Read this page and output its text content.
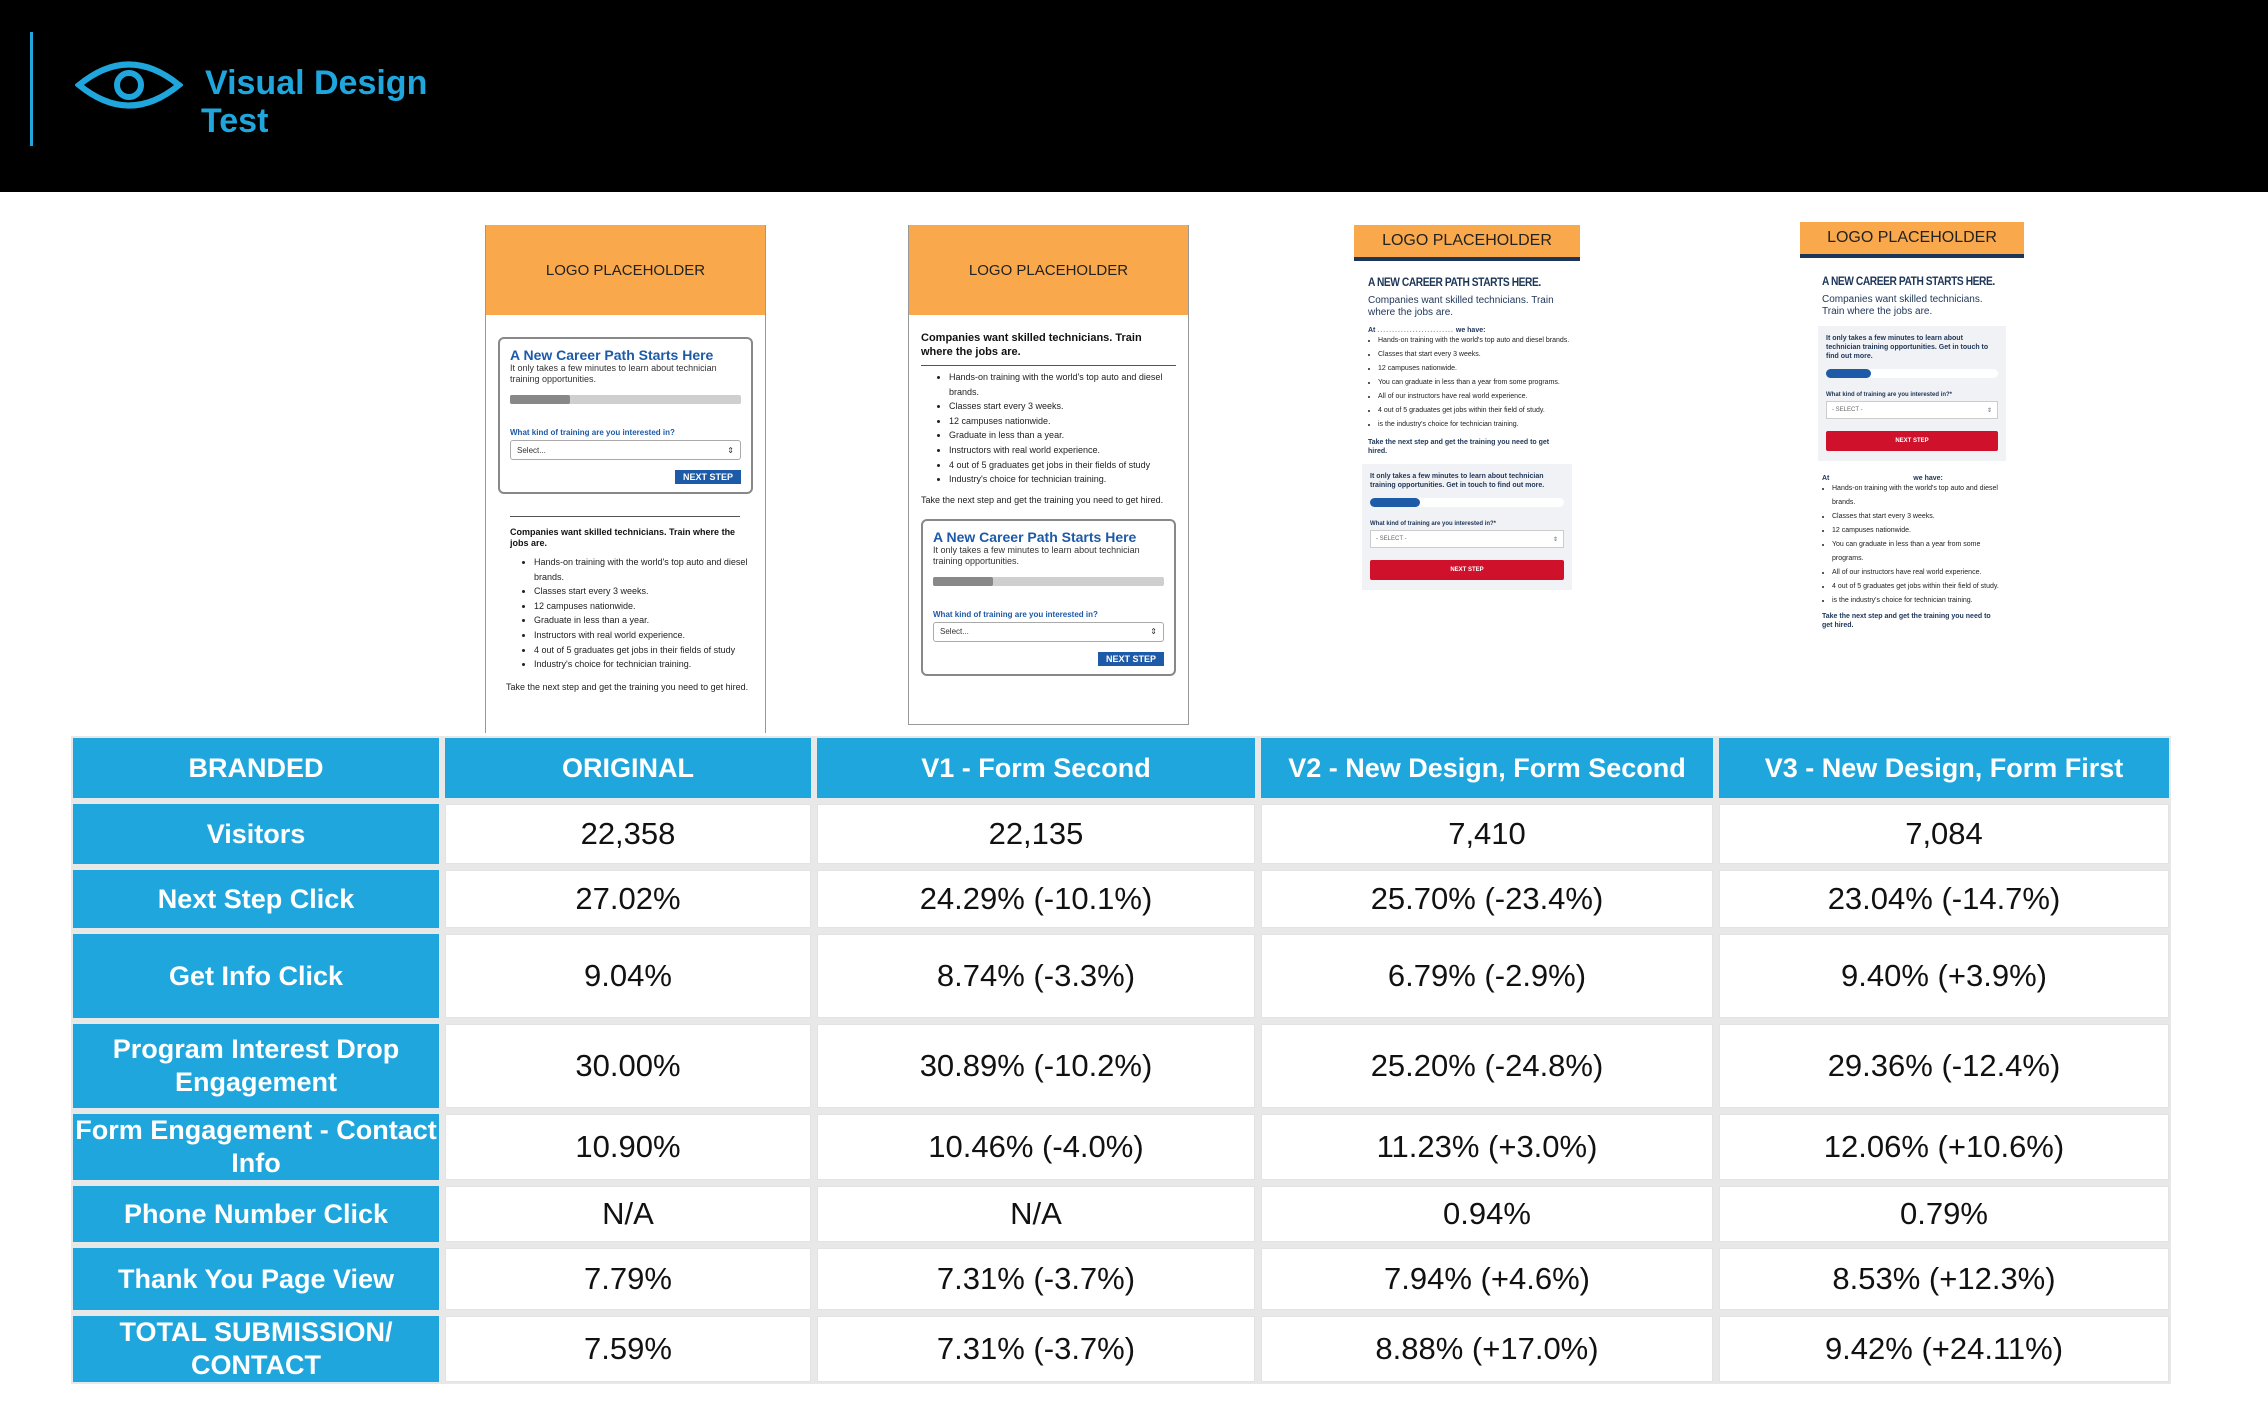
Visual Design
Test
LOGO PLACEHOLDER
A New Career Path Starts Here
It only takes a few minutes to learn about technician training opportunities.
What kind of training are you interested in?
Select...	⇕
NEXT STEP
Companies want skilled technicians. Train where the jobs are.
• Hands-on training with the world's top auto and diesel brands.
• Classes start every 3 weeks.
• 12 campuses nationwide.
• Graduate in less than a year.
• Instructors with real world experience.
• 4 out of 5 graduates get jobs in their fields of study
• Industry's choice for technician training.
Take the next step and get the training you need to get hired.
LOGO PLACEHOLDER
Companies want skilled technicians. Train where the jobs are.
• Hands-on training with the world's top auto and diesel brands.
• Classes start every 3 weeks.
• 12 campuses nationwide.
• Graduate in less than a year.
• Instructors with real world experience.
• 4 out of 5 graduates get jobs in their fields of study
• Industry's choice for technician training.
Take the next step and get the training you need to get hired.
A New Career Path Starts Here
It only takes a few minutes to learn about technician training opportunities.
What kind of training are you interested in?
Select...	⇕
NEXT STEP
LOGO PLACEHOLDER
A NEW CAREER PATH STARTS HERE.
Companies want skilled technicians. Train where the jobs are.
At .......................... we have:
• Hands-on training with the world's top auto and diesel brands.
• Classes that start every 3 weeks.
• 12 campuses nationwide.
• You can graduate in less than a year from some programs.
• All of our instructors have real world experience.
• 4 out of 5 graduates get jobs within their field of study.
• is the industry's choice for technician training.
Take the next step and get the training you need to get hired.
It only takes a few minutes to learn about technician training opportunities. Get in touch to find out more.
What kind of training are you interested in?*
- SELECT -	⇕
NEXT STEP
LOGO PLACEHOLDER
A NEW CAREER PATH STARTS HERE.
Companies want skilled technicians. Train where the jobs are.
It only takes a few minutes to learn about technician training opportunities. Get in touch to find out more.
What kind of training are you interested in?*
- SELECT -	⇕
NEXT STEP
At	we have:
• Hands-on training with the world's top auto and diesel brands.
• Classes that start every 3 weeks.
• 12 campuses nationwide.
• You can graduate in less than a year from some programs.
• All of our instructors have real world experience.
• 4 out of 5 graduates get jobs within their field of study.
• is the industry's choice for technician training.
Take the next step and get the training you need to get hired.
BRANDED	ORIGINAL	V1 - Form Second	V2 - New Design, Form Second	V3 - New Design, Form First
Visitors	22,358	22,135	7,410	7,084
Next Step Click	27.02%	24.29% (-10.1%)	25.70% (-23.4%)	23.04% (-14.7%)
Get Info Click	9.04%	8.74% (-3.3%)	6.79% (-2.9%)	9.40% (+3.9%)
Program Interest Drop Engagement	30.00%	30.89% (-10.2%)	25.20% (-24.8%)	29.36% (-12.4%)
Form Engagement - Contact Info	10.90%	10.46% (-4.0%)	11.23% (+3.0%)	12.06% (+10.6%)
Phone Number Click	N/A	N/A	0.94%	0.79%
Thank You Page View	7.79%	7.31% (-3.7%)	7.94% (+4.6%)	8.53% (+12.3%)
TOTAL SUBMISSION/ CONTACT	7.59%	7.31% (-3.7%)	8.88% (+17.0%)	9.42% (+24.11%)
